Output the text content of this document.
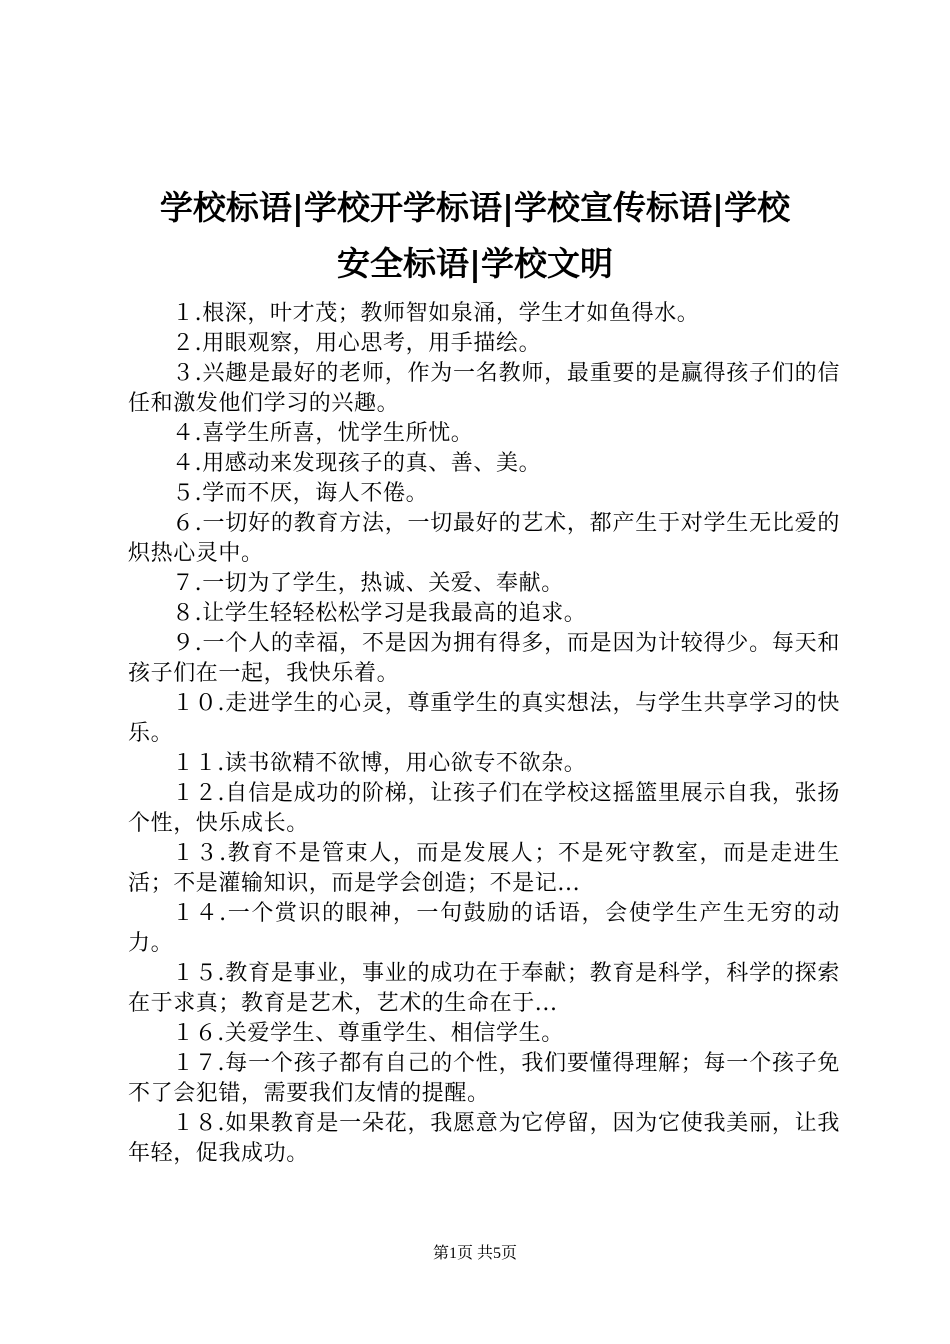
学校标语|学校开学标语|学校宣传标语|学校
安全标语|学校文明

１.根深，叶才茂；教师智如泉涌，学生才如鱼得水。

２.用眼观察，用心思考，用手描绘。

３.兴趣是最好的老师，作为一名教师，最重要的是赢得孩子们的信任和激发他们学习的兴趣。

４.喜学生所喜，忧学生所忧。

４.用感动来发现孩子的真、善、美。

５.学而不厌，诲人不倦。

６.一切好的教育方法，一切最好的艺术，都产生于对学生无比爱的炽热心灵中。

７.一切为了学生，热诚、关爱、奉献。

８.让学生轻轻松松学习是我最高的追求。

９.一个人的幸福，不是因为拥有得多，而是因为计较得少。每天和孩子们在一起，我快乐着。

１０.走进学生的心灵，尊重学生的真实想法，与学生共享学习的快乐。

１１.读书欲精不欲博，用心欲专不欲杂。

１２.自信是成功的阶梯，让孩子们在学校这摇篮里展示自我，张扬个性，快乐成长。

１３.教育不是管束人，而是发展人；不是死守教室，而是走进生活；不是灌输知识，而是学会创造；不是记...

１４.一个赏识的眼神，一句鼓励的话语，会使学生产生无穷的动力。

１５.教育是事业，事业的成功在于奉献；教育是科学，科学的探索在于求真；教育是艺术，艺术的生命在于...

１６.关爱学生、尊重学生、相信学生。

１７.每一个孩子都有自己的个性，我们要懂得理解；每一个孩子免不了会犯错，需要我们友情的提醒。

１８.如果教育是一朵花，我愿意为它停留，因为它使我美丽，让我年轻，促我成功。

第1页 共5页
